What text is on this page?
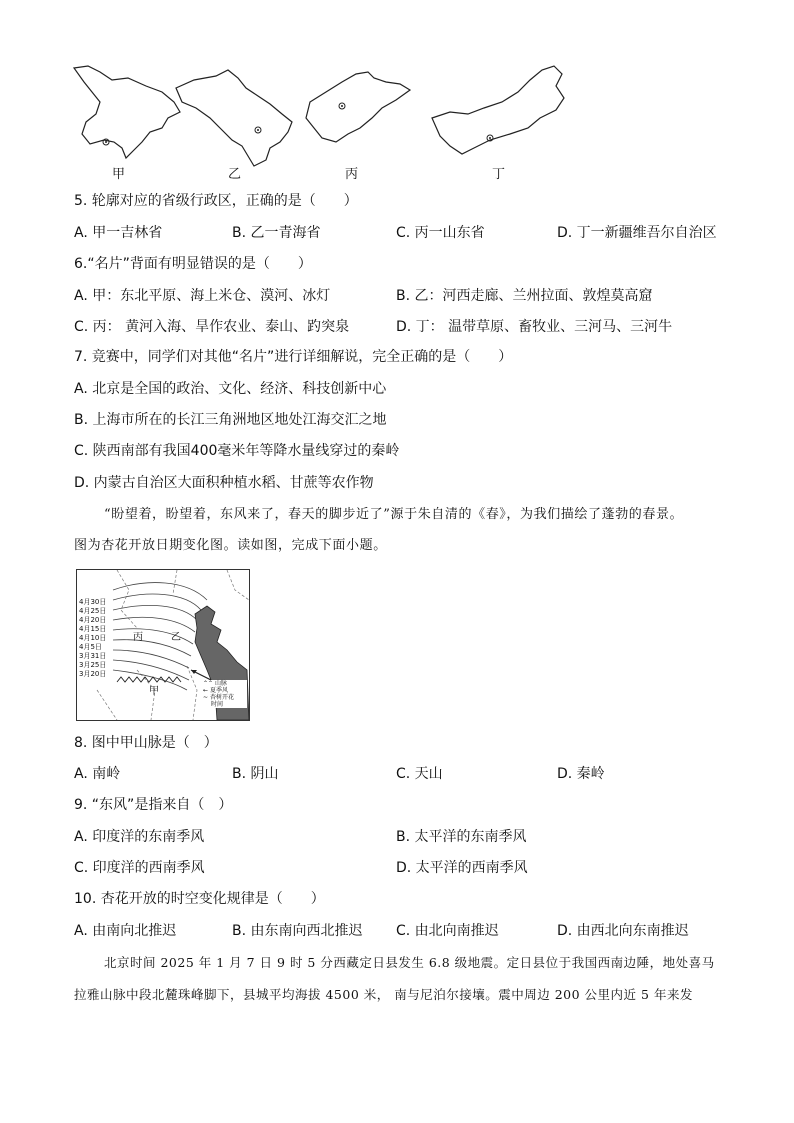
甲	乙	丙	丁
5. 轮廓对应的省级行政区，正确的是（　　）
A. 甲一吉林省	B. 乙一青海省	C. 丙一山东省	D. 丁一新疆维吾尔自治区
6.“名片”背面有明显错误的是（　　）
A. 甲：东北平原、海上米仓、漠河、冰灯	B. 乙：河西走廊、兰州拉面、敦煌莫高窟
C. 丙： 黄河入海、旱作农业、泰山、趵突泉	D. 丁： 温带草原、畜牧业、三河马、三河牛
7. 竞赛中，同学们对其他“名片”进行详细解说，完全正确的是（　　）
A. 北京是全国的政治、文化、经济、科技创新中心
B. 上海市所在的长江三角洲地区地处江海交汇之地
C. 陕西南部有我国400毫米年等降水量线穿过的秦岭
D. 内蒙古自治区大面积种植水稻、甘蔗等农作物
“盼望着，盼望着，东风来了，春天的脚步近了”源于朱自清的《春》，为我们描绘了蓬勃的春景。
图为杏花开放日期变化图。读如图，完成下面小题。
4月30日
4月25日
4月20日
4月15日
4月10日
4月5日
3月31日
3月25日
3月20日
丙	乙
甲
⌃⌃ 山脉
← 夏季风
~ 杏树开花
时间
8. 图中甲山脉是（　）
A. 南岭	B. 阴山	C. 天山	D. 秦岭
9. “东风”是指来自（　）
A. 印度洋的东南季风	B. 太平洋的东南季风
C. 印度洋的西南季风	D. 太平洋的西南季风
10. 杏花开放的时空变化规律是（　　）
A. 由南向北推迟	B. 由东南向西北推迟 C. 由北向南推迟	D. 由西北向东南推迟
北京时间 2025 年 1 月 7 日 9 时 5 分西藏定日县发生 6.8 级地震。定日县位于我国西南边陲，地处喜马
拉雅山脉中段北麓珠峰脚下，县城平均海拔 4500 米， 南与尼泊尔接壤。震中周边 200 公里内近 5 年来发
